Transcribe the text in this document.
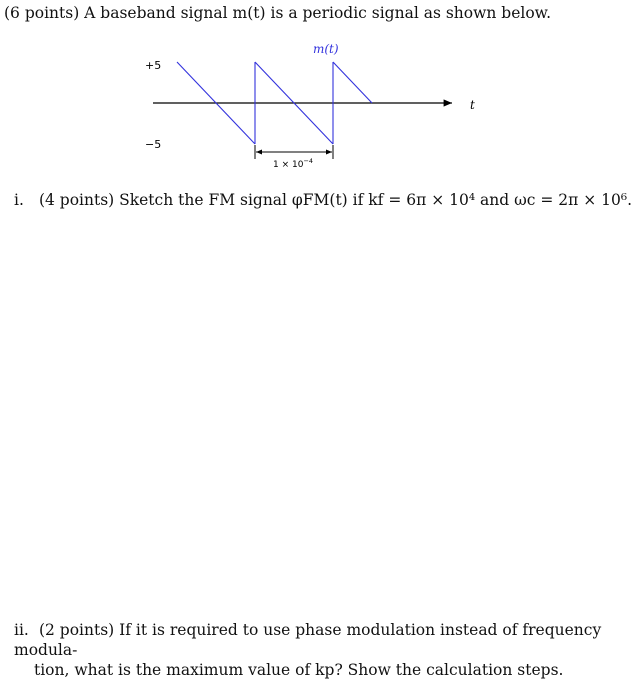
(6 points) A baseband signal m(t) is a periodic signal as shown below.
m(t)
+5
−5
t
$1 \times 10^{-4}$
i. (4 points) Sketch the FM signal φFM(t) if kf = 6π × 10⁴ and ωc = 2π × 10⁶.
ii. (2 points) If it is required to use phase modulation instead of frequency modula-
tion, what is the maximum value of kp? Show the calculation steps.
